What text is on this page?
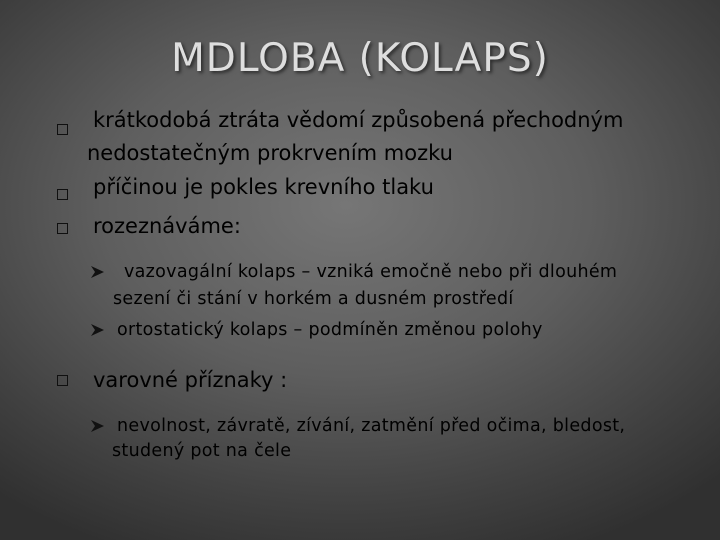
MDLOBA (KOLAPS)
krátkodobá ztráta vědomí způsobená přechodným
nedostatečným prokrvením mozku
příčinou je pokles krevního tlaku
rozeznáváme:
vazovagální kolaps – vzniká emočně nebo při dlouhém
sezení či stání v horkém a dusném prostředí
ortostatický kolaps – podmíněn změnou polohy
varovné příznaky :
nevolnost, závratě, zívání, zatmění před očima, bledost,
studený pot na čele
